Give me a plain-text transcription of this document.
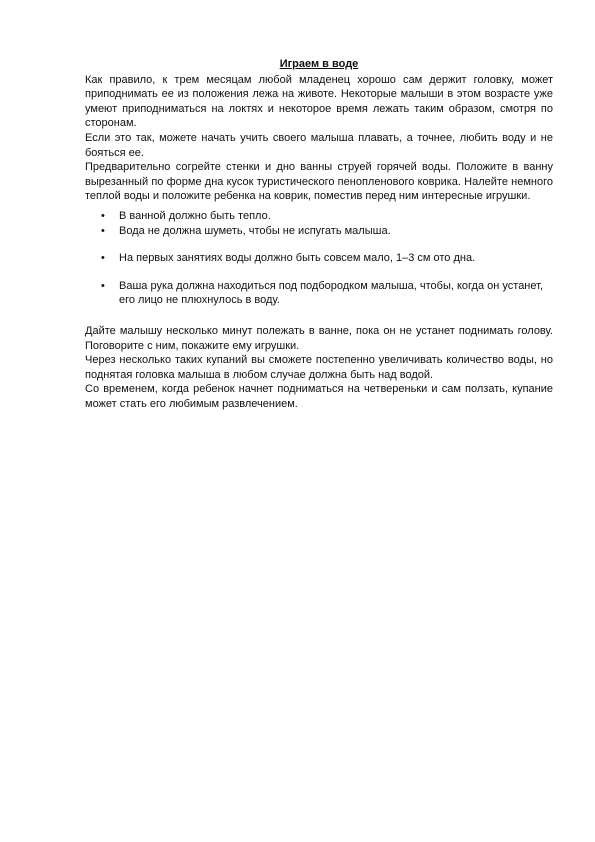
Играем в воде

Как правило, к трем месяцам любой младенец хорошо сам держит головку, может приподнимать ее из положения лежа на животе. Некоторые малыши в этом возрасте уже умеют приподниматься на локтях и некоторое время лежать таким образом, смотря по сторонам.

Если это так, можете начать учить своего малыша плавать, а точнее, любить воду и не бояться ее.

Предварительно согрейте стенки и дно ванны струей горячей воды. Положите в ванну вырезанный по форме дна кусок туристического пенопленового коврика. Налейте немного теплой воды и положите ребенка на коврик, поместив перед ним интересные игрушки.

• В ванной должно быть тепло.
• Вода не должна шуметь, чтобы не испугать малыша.
• На первых занятиях воды должно быть совсем мало, 1–3 см ото дна.
• Ваша рука должна находиться под подбородком малыша, чтобы, когда он устанет, его лицо не плюхнулось в воду.

Дайте малышу несколько минут полежать в ванне, пока он не устанет поднимать голову. Поговорите с ним, покажите ему игрушки.

Через несколько таких купаний вы сможете постепенно увеличивать количество воды, но поднятая головка малыша в любом случае должна быть над водой.

Со временем, когда ребенок начнет подниматься на четвереньки и сам ползать, купание может стать его любимым развлечением.
